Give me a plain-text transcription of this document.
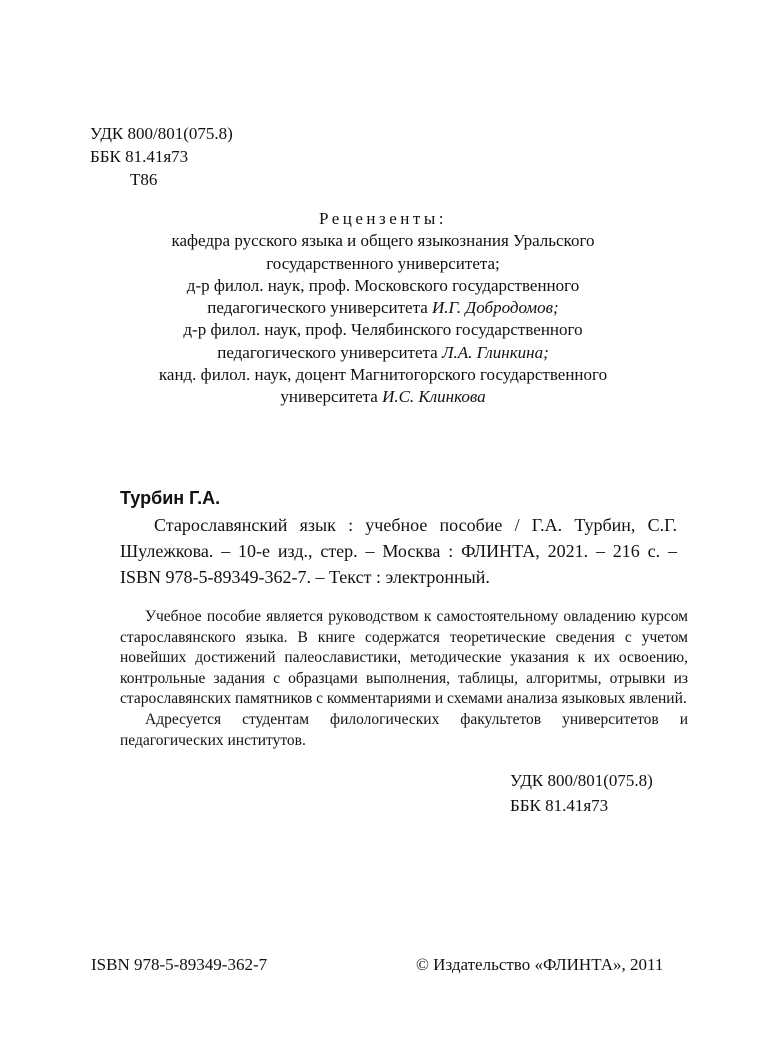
УДК 800/801(075.8)
ББК 81.41я73
Т86
Рецензенты:
кафедра русского языка и общего языкознания Уральского
государственного университета;
д-р филол. наук, проф. Московского государственного
педагогического университета И.Г. Добродомов;
д-р филол. наук, проф. Челябинского государственного
педагогического университета Л.А. Глинкина;
канд. филол. наук, доцент Магнитогорского государственного
университета И.С. Клинкова
Турбин Г.А.

Старославянский язык : учебное пособие / Г.А. Турбин, С.Г. Шулежкова. – 10-е изд., стер. – Москва : ФЛИНТА, 2021. – 216 с. – ISBN 978-5-89349-362-7. – Текст : электронный.

Учебное пособие является руководством к самостоятельному овладению курсом старославянского языка. В книге содержатся теоретические сведения с учетом новейших достижений палеославистики, методические указания к их освоению, контрольные задания с образцами выполнения, таблицы, алгоритмы, отрывки из старославянских памятников с комментариями и схемами анализа языковых явлений.

Адресуется студентам филологических факультетов университетов и педагогических институтов.

УДК 800/801(075.8)
ББК 81.41я73
ISBN 978-5-89349-362-7	© Издательство «ФЛИНТА», 2011
